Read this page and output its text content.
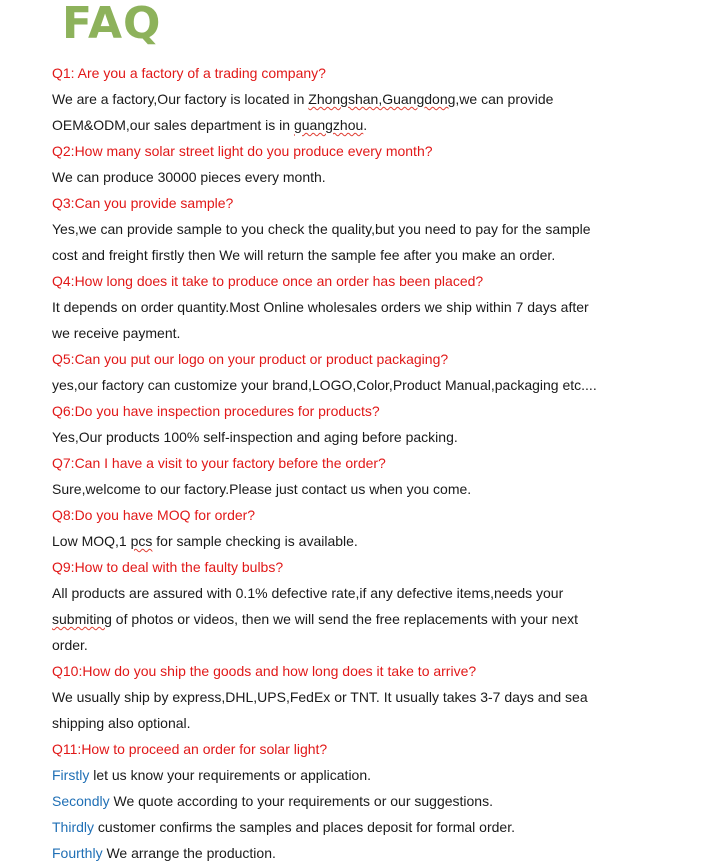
FAQ
Q1: Are you a factory of a trading company?
We are a factory,Our factory is located in Zhongshan,Guangdong,we can provide
OEM&ODM,our sales department is in guangzhou.
Q2:How many solar street light do you produce every month?
We can produce 30000 pieces every month.
Q3:Can you provide sample?
Yes,we can provide sample to you check the quality,but you need to pay for the sample
cost and freight firstly then We will return the sample fee after you make an order.
Q4:How long does it take to produce once an order has been placed?
It depends on order quantity.Most Online wholesales orders we ship within 7 days after
we receive payment.
Q5:Can you put our logo on your product or product packaging?
yes,our factory can customize your brand,LOGO,Color,Product Manual,packaging etc....
Q6:Do you have inspection procedures for products?
Yes,Our products 100% self-inspection and aging before packing.
Q7:Can I have a visit to your factory before the order?
Sure,welcome to our factory.Please just contact us when you come.
Q8:Do you have MOQ for order?
Low MOQ,1 pcs for sample checking is available.
Q9:How to deal with the faulty bulbs?
All products are assured with 0.1% defective rate,if any defective items,needs your
submiting of photos or videos, then we will send the free replacements with your next
order.
Q10:How do you ship the goods and how long does it take to arrive?
We usually ship by express,DHL,UPS,FedEx or TNT. It usually takes 3-7 days and sea
shipping also optional.
Q11:How to proceed an order for solar light?
Firstly let us know your requirements or application.
Secondly We quote according to your requirements or our suggestions.
Thirdly customer confirms the samples and places deposit for formal order.
Fourthly We arrange the production.
